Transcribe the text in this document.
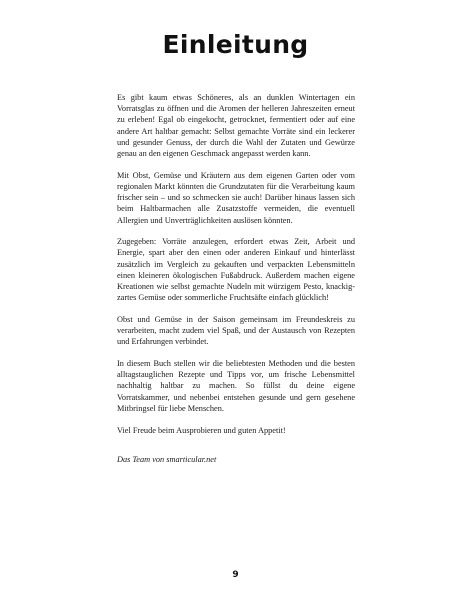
Einleitung

Es gibt kaum etwas Schöneres, als an dunklen Wintertagen ein Vorratsglas zu öffnen und die Aromen der helleren Jahreszeiten erneut zu erleben! Egal ob eingekocht, getrocknet, fermentiert oder auf eine andere Art haltbar gemacht: Selbst gemachte Vorräte sind ein leckerer und gesunder Genuss, der durch die Wahl der Zutaten und Gewürze genau an den eigenen Geschmack angepasst werden kann.

Mit Obst, Gemüse und Kräutern aus dem eigenen Garten oder vom regionalen Markt könnten die Grundzutaten für die Verarbeitung kaum frischer sein – und so schmecken sie auch! Darüber hinaus lassen sich beim Haltbarmachen alle Zusatzstoffe vermeiden, die eventuell Allergien und Unverträglichkeiten auslösen könnten.

Zugegeben: Vorräte anzulegen, erfordert etwas Zeit, Arbeit und Energie, spart aber den einen oder anderen Einkauf und hinterlässt zusätzlich im Vergleich zu gekauften und verpackten Lebensmitteln einen kleineren ökologischen Fußabdruck. Außerdem machen eigene Kreationen wie selbst gemachte Nudeln mit würzigem Pesto, knackig-zartes Gemüse oder sommerliche Fruchtsäfte einfach glücklich!

Obst und Gemüse in der Saison gemeinsam im Freundeskreis zu verarbeiten, macht zudem viel Spaß, und der Austausch von Rezepten und Erfahrungen verbindet.

In diesem Buch stellen wir die beliebtesten Methoden und die besten alltagstauglichen Rezepte und Tipps vor, um frische Lebensmittel nachhaltig haltbar zu machen. So füllst du deine eigene Vorratskammer, und nebenbei entstehen gesunde und gern gesehene Mitbringsel für liebe Menschen.

Viel Freude beim Ausprobieren und guten Appetit!

Das Team von smarticular.net

9
